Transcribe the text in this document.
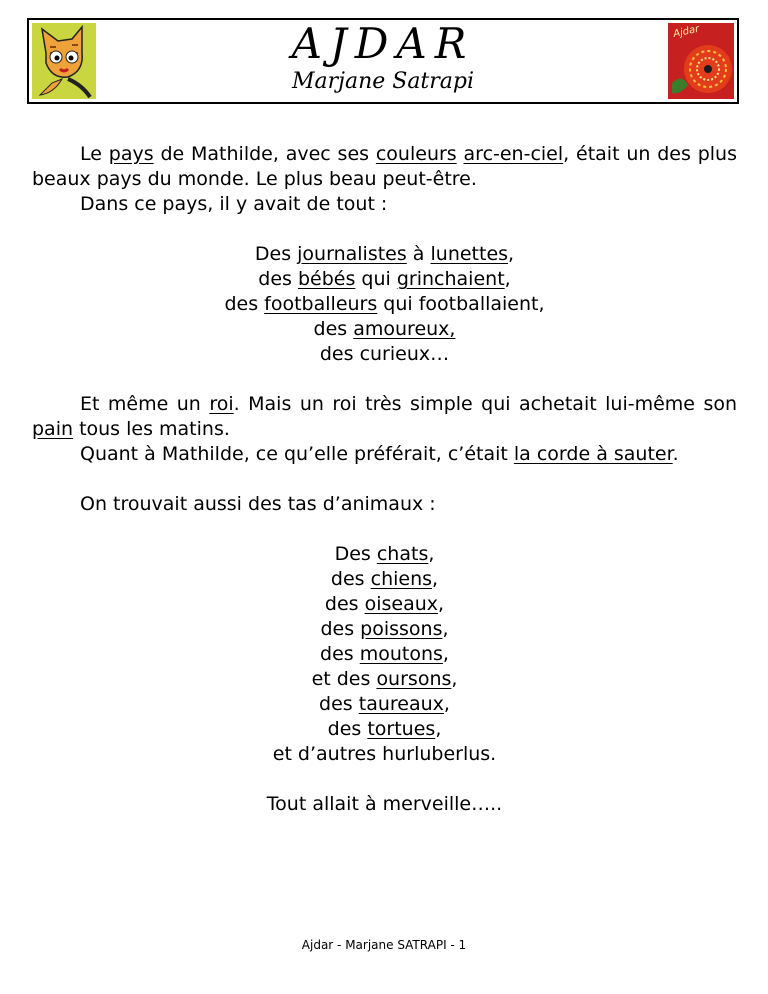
AJDAR
Marjane Satrapi
Ajdar

Le pays de Mathilde, avec ses couleurs arc-en-ciel, était un des plus beaux pays du monde. Le plus beau peut-être.

Dans ce pays, il y avait de tout :

Des journalistes à lunettes,
des bébés qui grinchaient,
des footballeurs qui footballaient,
des amoureux,
des curieux…

Et même un roi. Mais un roi très simple qui achetait lui-même son pain tous les matins.

Quant à Mathilde, ce qu’elle préférait, c’était la corde à sauter.

On trouvait aussi des tas d’animaux :

Des chats,
des chiens,
des oiseaux,
des poissons,
des moutons,
et des oursons,
des taureaux,
des tortues,
et d’autres hurluberlus.
Tout allait à merveille…..
Ajdar - Marjane SATRAPI - 1
